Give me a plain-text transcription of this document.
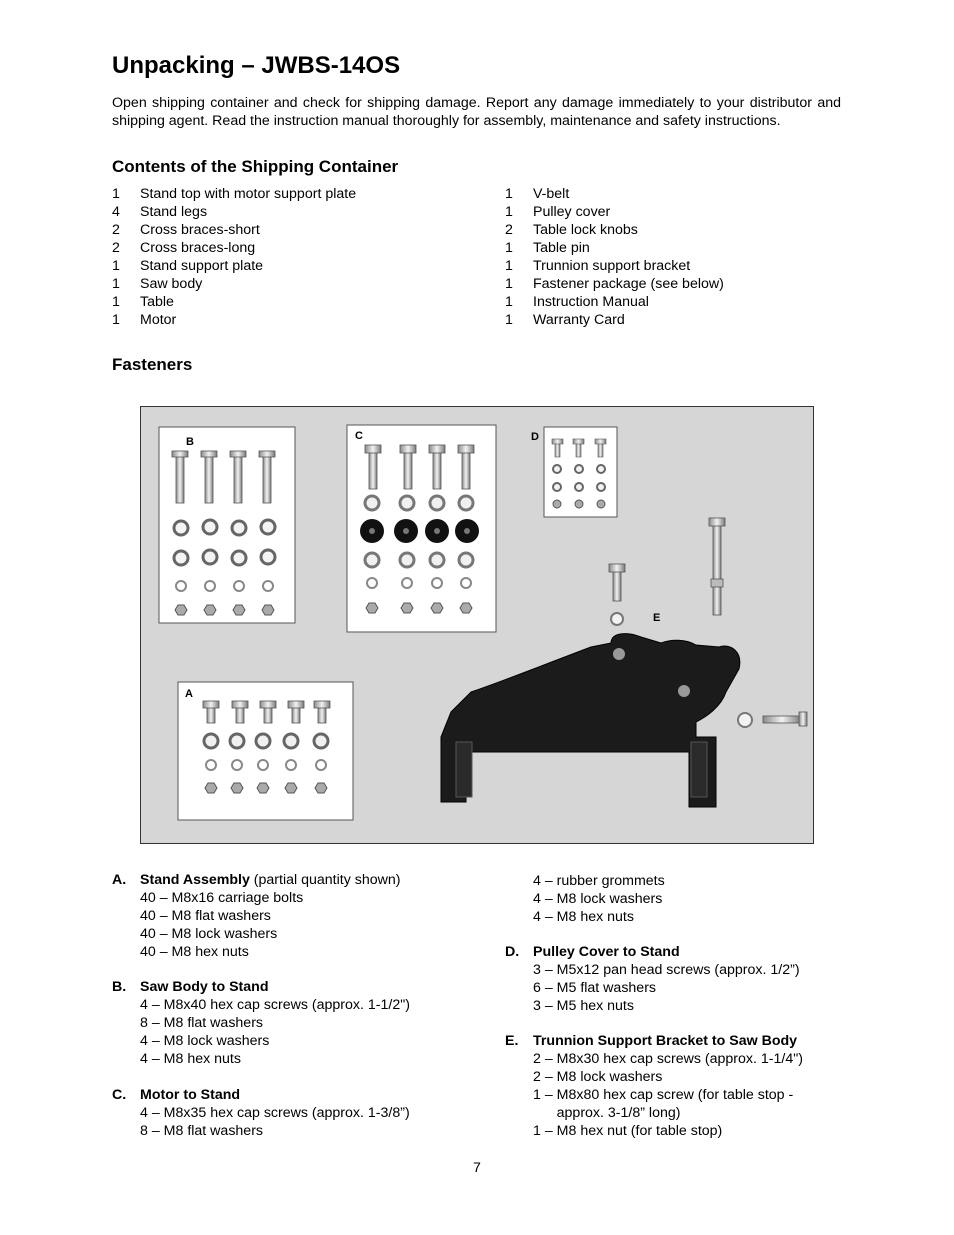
Unpacking – JWBS-14OS

Open shipping container and check for shipping damage. Report any damage immediately to your distributor and shipping agent. Read the instruction manual thoroughly for assembly, maintenance and safety instructions.

Contents of the Shipping Container
1 Stand top with motor support plate
4 Stand legs
2 Cross braces-short
2 Cross braces-long
1 Stand support plate
1 Saw body
1 Table
1 Motor
1 V-belt
1 Pulley cover
2 Table lock knobs
1 Table pin
1 Trunnion support bracket
1 Fastener package (see below)
1 Instruction Manual
1 Warranty Card
Fasteners
B	C	D
A
E
A. Stand Assembly (partial quantity shown)
40 – M8x16 carriage bolts
40 – M8 flat washers
40 – M8 lock washers
40 – M8 hex nuts
B. Saw Body to Stand
4 – M8x40 hex cap screws (approx. 1-1/2")
8 – M8 flat washers
4 – M8 lock washers
4 – M8 hex nuts
C. Motor to Stand
4 – M8x35 hex cap screws (approx. 1-3/8”)
8 – M8 flat washers
4 – rubber grommets
4 – M8 lock washers
4 – M8 hex nuts
D. Pulley Cover to Stand
3 – M5x12 pan head screws (approx. 1/2”)
6 – M5 flat washers
3 – M5 hex nuts
E. Trunnion Support Bracket to Saw Body
2 – M8x30 hex cap screws (approx. 1-1/4")
2 – M8 lock washers
1 – M8x80 hex cap screw (for table stop -
approx. 3-1/8” long)
1 – M8 hex nut (for table stop)
7
